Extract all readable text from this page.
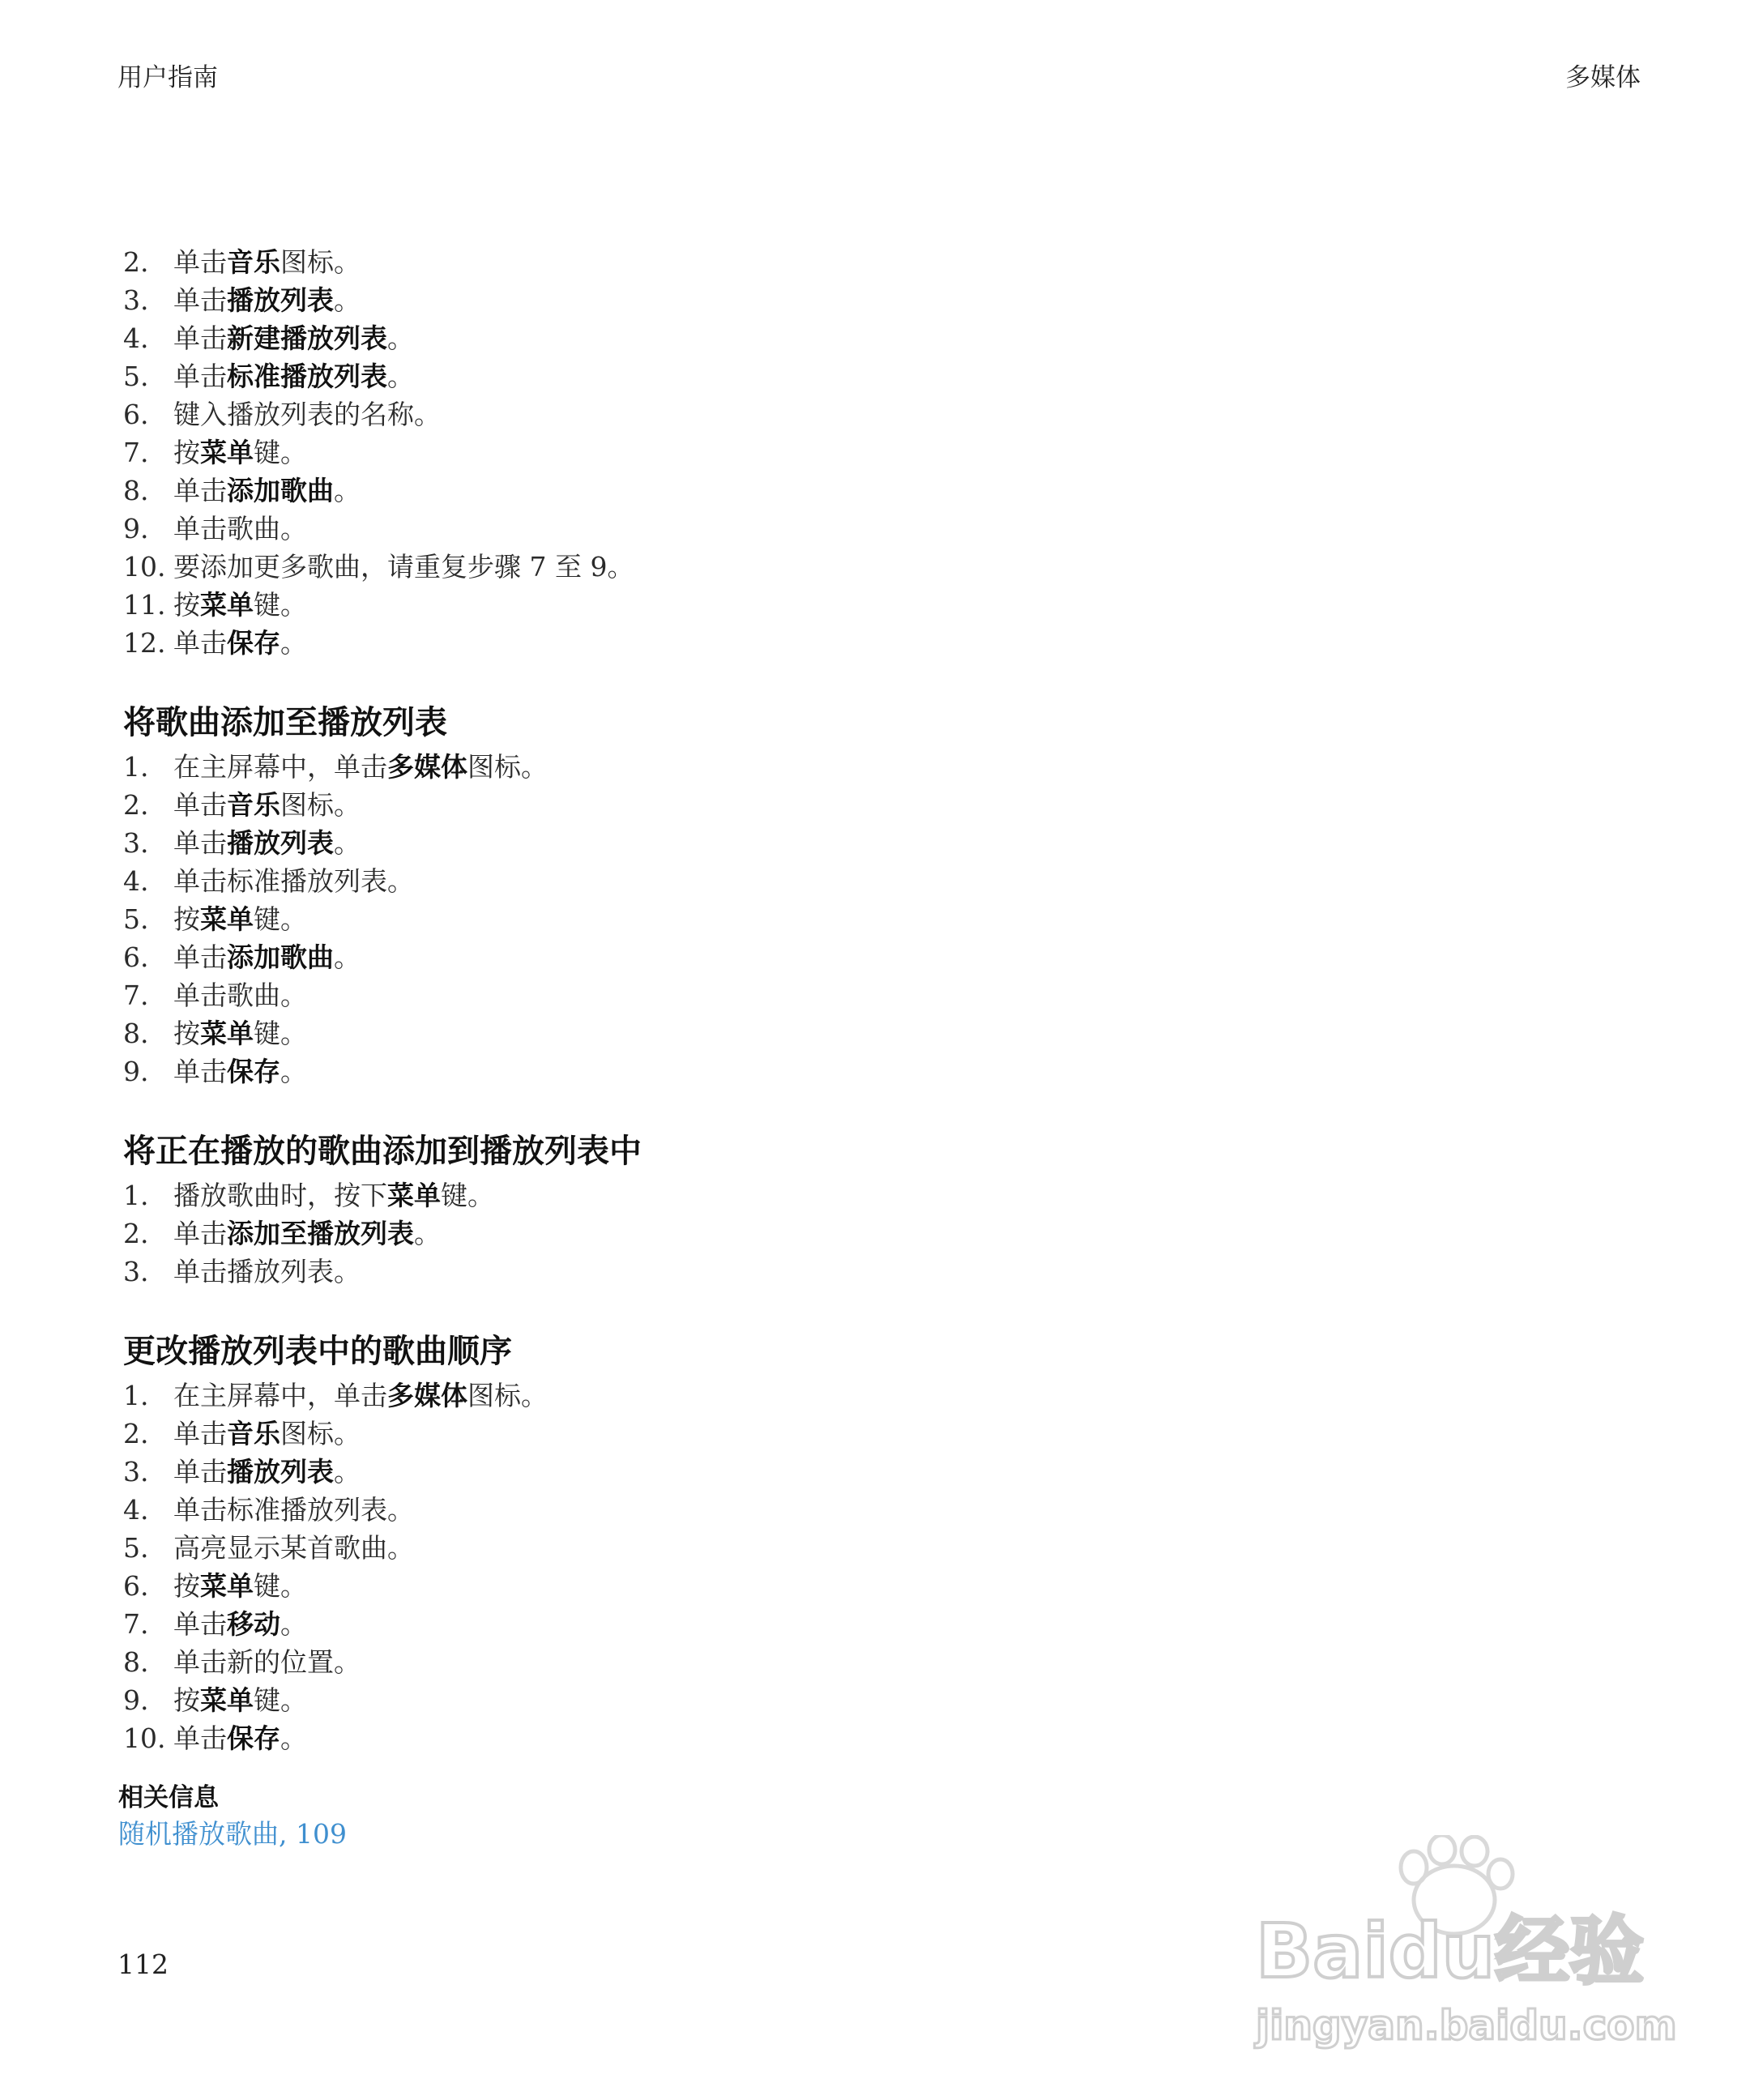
用户指南	多媒体
2. 单击音乐图标。
3. 单击播放列表。
4. 单击新建播放列表。
5. 单击标准播放列表。
6. 键入播放列表的名称。
7. 按菜单键。
8. 单击添加歌曲。
9. 单击歌曲。
10. 要添加更多歌曲，请重复步骤 7 至 9。
11. 按菜单键。
12. 单击保存。
将歌曲添加至播放列表
1. 在主屏幕中，单击多媒体图标。
2. 单击音乐图标。
3. 单击播放列表。
4. 单击标准播放列表。
5. 按菜单键。
6. 单击添加歌曲。
7. 单击歌曲。
8. 按菜单键。
9. 单击保存。
将正在播放的歌曲添加到播放列表中
1. 播放歌曲时，按下菜单键。
2. 单击添加至播放列表。
3. 单击播放列表。
更改播放列表中的歌曲顺序
1. 在主屏幕中，单击多媒体图标。
2. 单击音乐图标。
3. 单击播放列表。
4. 单击标准播放列表。
5. 高亮显示某首歌曲。
6. 按菜单键。
7. 单击移动。
8. 单击新的位置。
9. 按菜单键。
10. 单击保存。
相关信息
随机播放歌曲, 109
112	Baidu经验
jingyan.baidu.com
